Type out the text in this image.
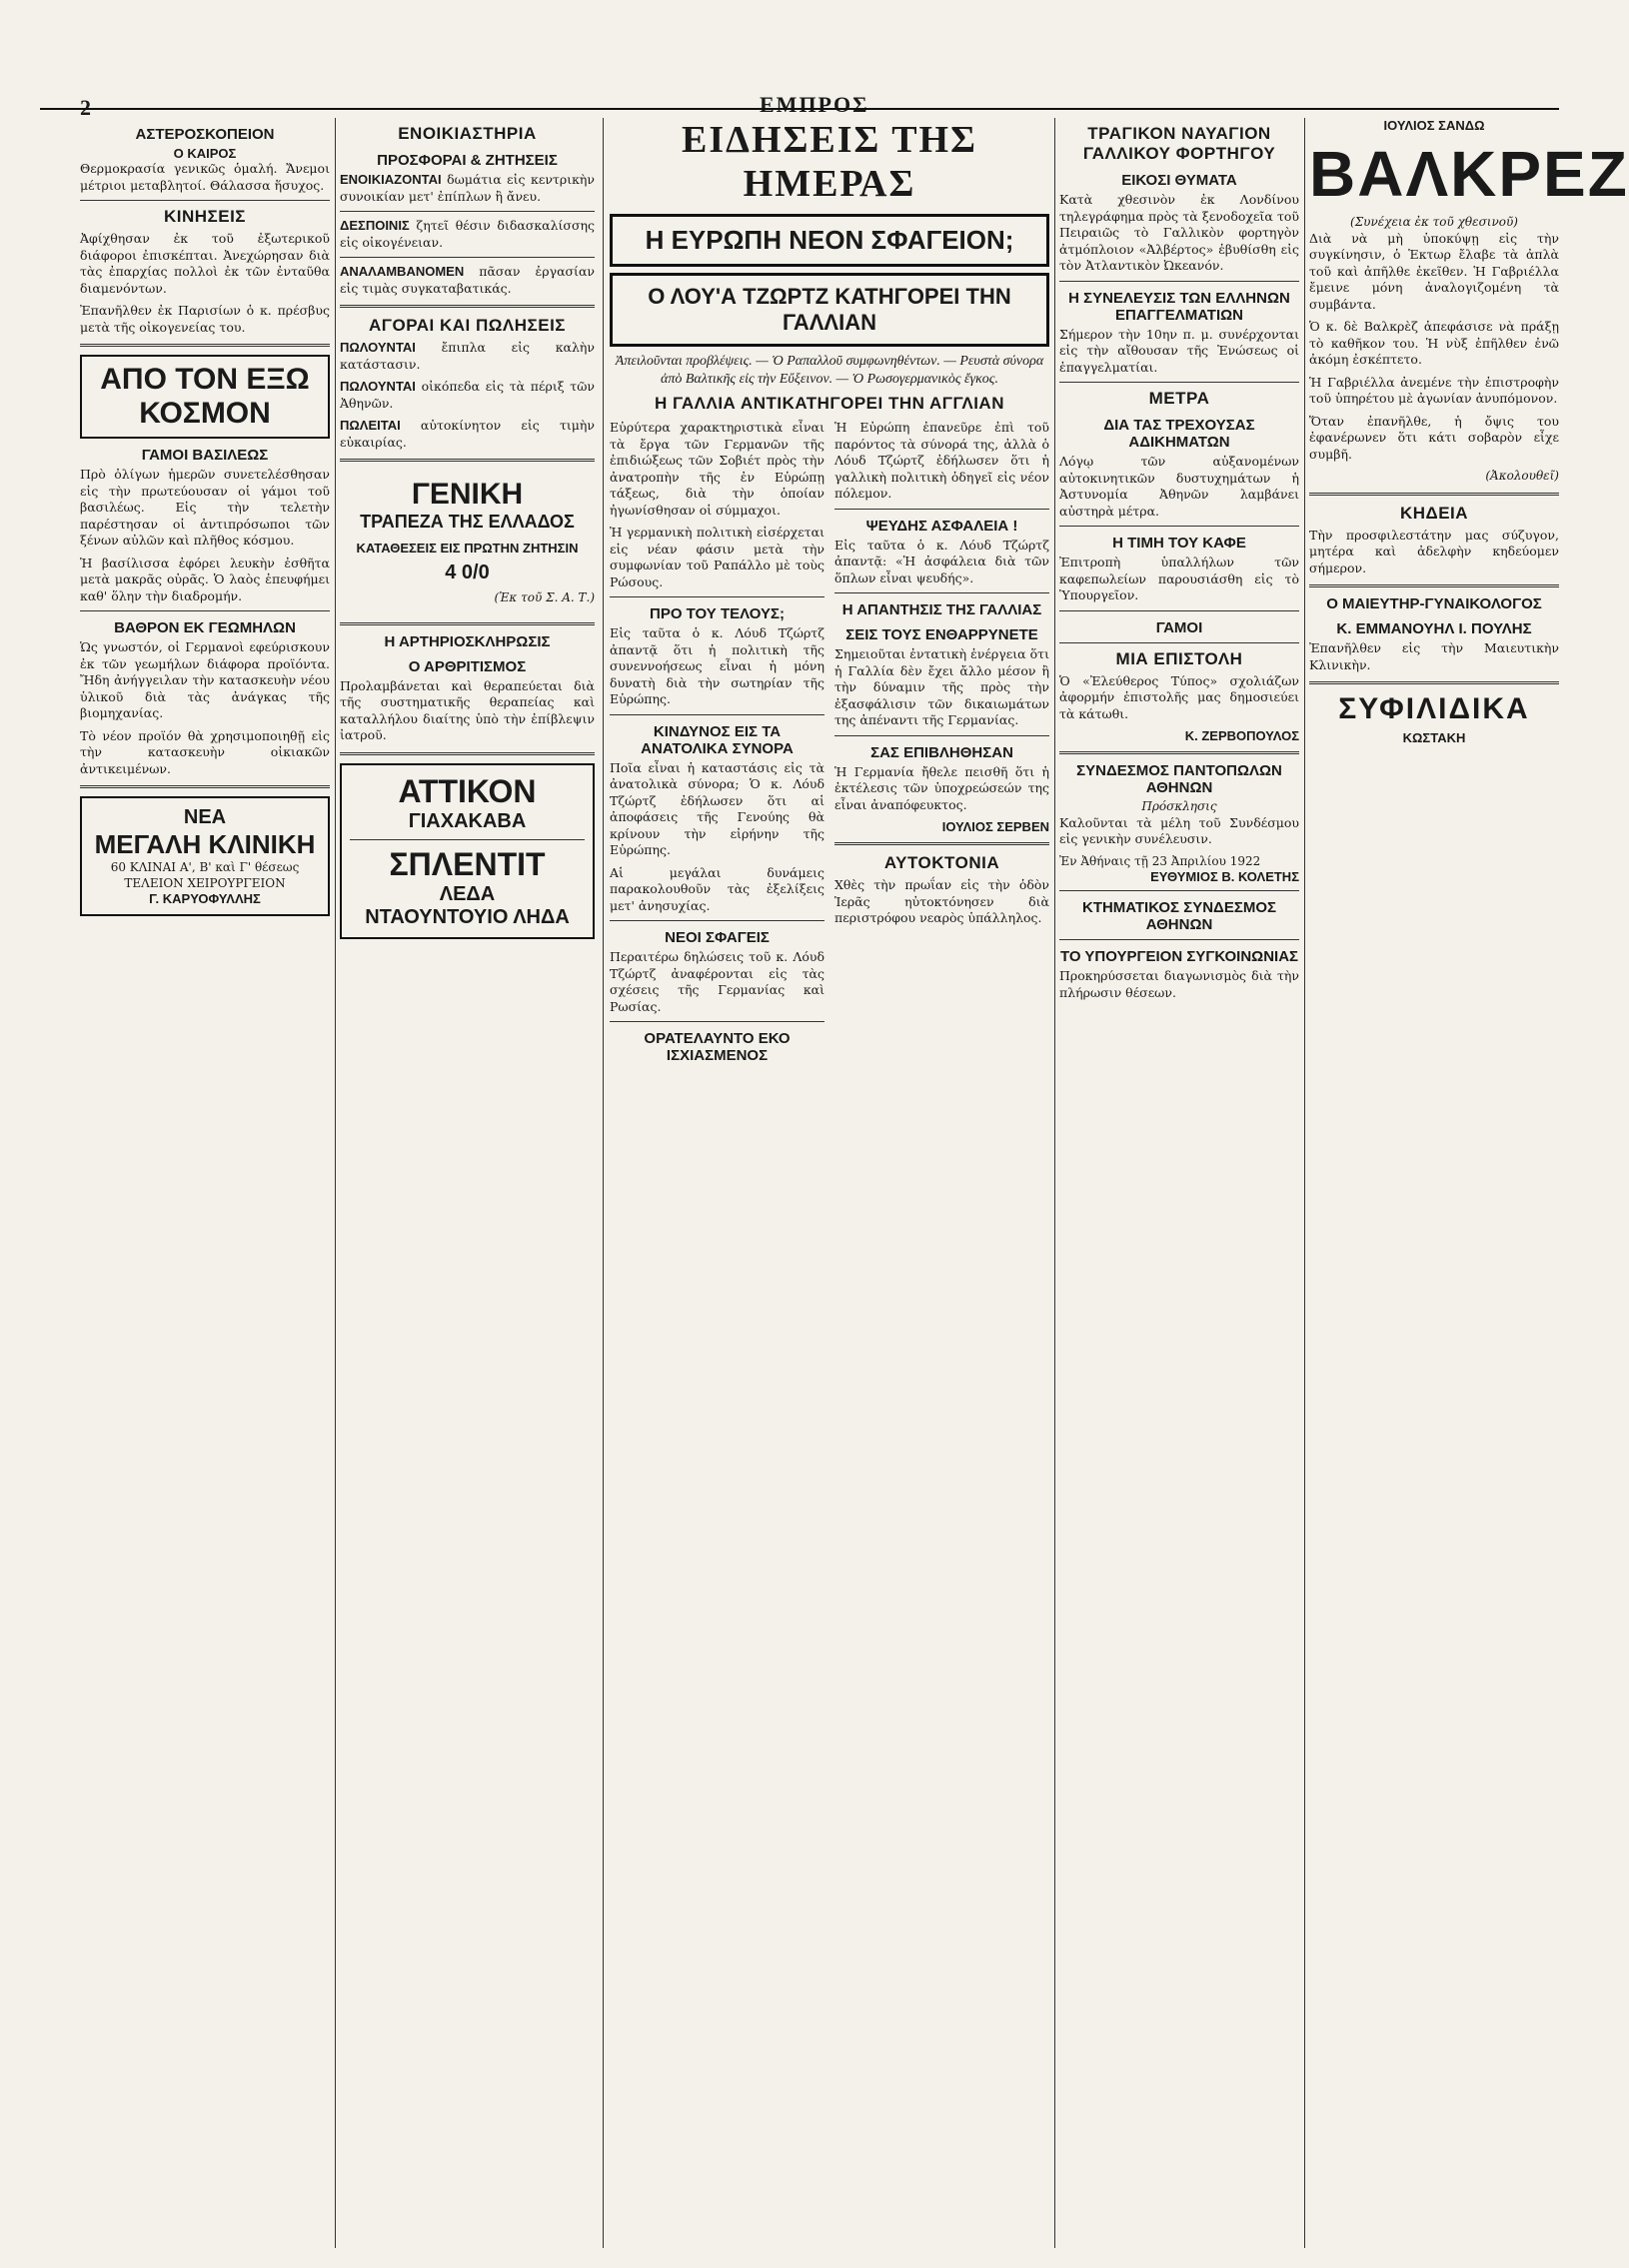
2	ΕΜΠΡΟΣ
ΑΣΤΕΡΟΣΚΟΠΕΙΟΝ
Ο ΚΑΙΡΟΣ

Θερμοκρασία γενικῶς ὁμαλή. Ἄνεμοι μέτριοι μεταβλητοί. Θάλασσα ἥσυχος.

ΚΙΝΗΣΕΙΣ

Ἀφίχθησαν ἐκ τοῦ ἐξωτερικοῦ διάφοροι ἐπισκέπται. Ἀνεχώρησαν διὰ τὰς ἐπαρχίας πολλοὶ ἐκ τῶν ἐνταῦθα διαμενόντων.

Ἐπανῆλθεν ἐκ Παρισίων ὁ κ. πρέσβυς μετὰ τῆς οἰκογενείας του.

ΑΠΟ ΤΟΝ ΕΞΩ ΚΟΣΜΟΝ
ΓΑΜΟΙ ΒΑΣΙΛΕΩΣ

Πρὸ ὀλίγων ἡμερῶν συνετελέσθησαν εἰς τὴν πρωτεύουσαν οἱ γάμοι τοῦ βασιλέως. Εἰς τὴν τελετὴν παρέστησαν οἱ ἀντιπρόσωποι τῶν ξένων αὐλῶν καὶ πλῆθος κόσμου.

Ἡ βασίλισσα ἐφόρει λευκὴν ἐσθῆτα μετὰ μακρᾶς οὐρᾶς. Ὁ λαὸς ἐπευφήμει καθ' ὅλην τὴν διαδρομήν.

ΒΑΘΡΟΝ ΕΚ ΓΕΩΜΗΛΩΝ

Ὡς γνωστόν, οἱ Γερμανοὶ εφεύρισκουν ἐκ τῶν γεωμήλων διάφορα προϊόντα. Ἤδη ἀνήγγειλαν τὴν κατασκευὴν νέου ὑλικοῦ διὰ τὰς ἀνάγκας τῆς βιομηχανίας.

Τὸ νέον προϊόν θὰ χρησιμοποιηθῇ εἰς τὴν κατασκευὴν οἰκιακῶν ἀντικειμένων.

ΝΕΑ
ΜΕΓΑΛΗ ΚΛΙΝΙΚΗ
60 ΚΛΙΝΑΙ Α', Β' καὶ Γ' θέσεως
ΤΕΛΕΙΟΝ ΧΕΙΡΟΥΡΓΕΙΟΝ
Γ. ΚΑΡΥΟΦΥΛΛΗΣ
ΕΝΟΙΚΙΑΣΤΗΡΙΑ
ΠΡΟΣΦΟΡΑΙ & ΖΗΤΗΣΕΙΣ

ΕΝΟΙΚΙΑΖΟΝΤΑΙ δωμάτια εἰς κεντρικὴν συνοικίαν μετ' ἐπίπλων ἢ ἄνευ.

ΔΕΣΠΟΙΝΙΣ ζητεῖ θέσιν διδασκαλίσσης εἰς οἰκογένειαν.

ΑΝΑΛΑΜΒΑΝΟΜΕΝ πᾶσαν ἐργασίαν εἰς τιμὰς συγκαταβατικάς.

ΑΓΟΡΑΙ ΚΑΙ ΠΩΛΗΣΕΙΣ

ΠΩΛΟΥΝΤΑΙ ἔπιπλα εἰς καλὴν κατάστασιν.

ΠΩΛΟΥΝΤΑΙ οἰκόπεδα εἰς τὰ πέριξ τῶν Ἀθηνῶν.

ΠΩΛΕΙΤΑΙ αὐτοκίνητον εἰς τιμὴν εὐκαιρίας.

ΓΕΝΙΚΗ
ΤΡΑΠΕΖΑ ΤΗΣ ΕΛΛΑΔΟΣ
ΚΑΤΑΘΕΣΕΙΣ ΕΙΣ ΠΡΩΤΗΝ ΖΗΤΗΣΙΝ
4 0/0
(Ἐκ τοῦ Σ. Α. Τ.)
Η ΑΡΤΗΡΙΟΣΚΛΗΡΩΣΙΣ
Ο ΑΡΘΡΙΤΙΣΜΟΣ

Προλαμβάνεται καὶ θεραπεύεται διὰ τῆς συστηματικῆς θεραπείας καὶ καταλλήλου διαίτης ὑπὸ τὴν ἐπίβλεψιν ἰατροῦ.

ΑΤΤΙΚΟΝ
ΓΙΑΧΑΚΑΒΑ
ΣΠΛΕΝΤΙΤ
ΛΕΔΑ
ΝΤΑΟΥΝΤΟΥΙΟ ΛΗΔΑ
ΕΙΔΗΣΕΙΣ ΤΗΣ ΗΜΕΡΑΣ
Η ΕΥΡΩΠΗ ΝΕΟΝ ΣΦΑΓΕΙΟΝ;
Ο ΛΟΥ'Α ΤΖΩΡΤΖ ΚΑΤΗΓΟΡΕΙ ΤΗΝ ΓΑΛΛΙΑΝ
Ἀπειλοῦνται προβλέψεις. — Ὁ Ραπαλλοῦ συμφωνηθέντων. — Ρευστὰ σύνορα ἀπὸ Βαλτικῆς εἰς τὴν Εὔξεινον. — Ὁ Ρωσογερμανικὸς ἔγκος.
Η ΓΑΛΛΙΑ ΑΝΤΙΚΑΤΗΓΟΡΕΙ ΤΗΝ ΑΓΓΛΙΑΝ

Εὐρύτερα χαρακτηριστικὰ εἶναι τὰ ἔργα τῶν Γερμανῶν τῆς ἐπιδιώξεως τῶν Σοβιέτ πρὸς τὴν ἀνατροπὴν τῆς ἐν Εὐρώπῃ τάξεως, διὰ τὴν ὁποίαν ἠγωνίσθησαν οἱ σύμμαχοι.

Ἡ γερμανικὴ πολιτικὴ εἰσέρχεται εἰς νέαν φάσιν μετὰ τὴν συμφωνίαν τοῦ Ραπάλλο μὲ τοὺς Ρώσους.

ΠΡΟ ΤΟΥ ΤΕΛΟΥΣ;

Εἰς ταῦτα ὁ κ. Λόυδ Τζώρτζ ἀπαντᾷ ὅτι ἡ πολιτικὴ τῆς συνεννοήσεως εἶναι ἡ μόνη δυνατὴ διὰ τὴν σωτηρίαν τῆς Εὐρώπης.

ΚΙΝΔΥΝΟΣ ΕΙΣ ΤΑ ΑΝΑΤΟΛΙΚΑ ΣΥΝΟΡΑ

Ποῖα εἶναι ἡ καταστάσις εἰς τὰ ἀνατολικὰ σύνορα; Ὁ κ. Λόυδ Τζώρτζ ἐδήλωσεν ὅτι αἱ ἀποφάσεις τῆς Γενούης θὰ κρίνουν τὴν εἰρήνην τῆς Εὐρώπης.

Αἱ μεγάλαι δυνάμεις παρακολουθοῦν τὰς ἐξελίξεις μετ' ἀνησυχίας.

ΝΕΟΙ ΣΦΑΓΕΙΣ

Περαιτέρω δηλώσεις τοῦ κ. Λόυδ Τζώρτζ ἀναφέρονται εἰς τὰς σχέσεις τῆς Γερμανίας καὶ Ρωσίας.

ΟΡΑΤΕΛΑΥΝΤΟ ΕΚΟ ΙΣΧΙΑΣΜΕΝΟΣ

Ἡ Εὐρώπη ἐπανεῦρε ἐπὶ τοῦ παρόντος τὰ σύνορά της, ἀλλὰ ὁ Λόυδ Τζώρτζ ἐδήλωσεν ὅτι ἡ γαλλικὴ πολιτικὴ ὁδηγεῖ εἰς νέον πόλεμον.

ΨΕΥΔΗΣ ΑΣΦΑΛΕΙΑ !

Εἰς ταῦτα ὁ κ. Λόυδ Τζώρτζ ἀπαντᾷ: «Ἡ ἀσφάλεια διὰ τῶν ὅπλων εἶναι ψευδής».

Η ΑΠΑΝΤΗΣΙΣ ΤΗΣ ΓΑΛΛΙΑΣ
ΣΕΙΣ ΤΟΥΣ ΕΝΘΑΡΡΥΝΕΤΕ

Σημειοῦται ἐντατικὴ ἐνέργεια ὅτι ἡ Γαλλία δὲν ἔχει ἄλλο μέσον ἢ τὴν δύναμιν τῆς πρὸς τὴν ἐξασφάλισιν τῶν δικαιωμάτων της ἀπέναντι τῆς Γερμανίας.

ΣΑΣ ΕΠΙΒΛΗΘΗΣΑΝ

Ἡ Γερμανία ἤθελε πεισθῆ ὅτι ἡ ἐκτέλεσις τῶν ὑποχρεώσεών της εἶναι ἀναπόφευκτος.

ΙΟΥΛΙΟΣ ΣΕΡΒΕΝ
ΑΥΤΟΚΤΟΝΙΑ

Χθὲς τὴν πρωΐαν εἰς τὴν ὁδὸν Ἱερᾶς ηὐτοκτόνησεν διὰ περιστρόφου νεαρὸς ὑπάλληλος.

ΤΡΑΓΙΚΟΝ ΝΑΥΑΓΙΟΝ ΓΑΛΛΙΚΟΥ ΦΟΡΤΗΓΟΥ
ΕΙΚΟΣΙ ΘΥΜΑΤΑ

Κατὰ χθεσινὸν ἐκ Λονδίνου τηλεγράφημα πρὸς τὰ ξενοδοχεῖα τοῦ Πειραιῶς τὸ Γαλλικὸν φορτηγὸν ἀτμόπλοιον «Ἀλβέρτος» ἐβυθίσθη εἰς τὸν Ἀτλαντικὸν Ὠκεανόν.

Η ΣΥΝΕΛΕΥΣΙΣ ΤΩΝ ΕΛΛΗΝΩΝ ΕΠΑΓΓΕΛΜΑΤΙΩΝ

Σήμερον τὴν 10ην π. μ. συνέρχονται εἰς τὴν αἴθουσαν τῆς Ἑνώσεως οἱ ἐπαγγελματίαι.

ΜΕΤΡΑ
ΔΙΑ ΤΑΣ ΤΡΕΧΟΥΣΑΣ ΑΔΙΚΗΜΑΤΩΝ

Λόγῳ τῶν αὐξανομένων αὐτοκινητικῶν δυστυχημάτων ἡ Ἀστυνομία Ἀθηνῶν λαμβάνει αὐστηρὰ μέτρα.

Η ΤΙΜΗ ΤΟΥ ΚΑΦΕ

Ἐπιτροπὴ ὑπαλλήλων τῶν καφεπωλείων παρουσιάσθη εἰς τὸ Ὑπουργεῖον.

ΓΑΜΟΙ
ΜΙΑ ΕΠΙΣΤΟΛΗ

Ὁ «Ἐλεύθερος Τύπος» σχολιάζων ἀφορμήν ἐπιστολῆς μας δημοσιεύει τὰ κάτωθι.

Κ. ΖΕΡΒΟΠΟΥΛΟΣ
ΣΥΝΔΕΣΜΟΣ ΠΑΝΤΟΠΩΛΩΝ ΑΘΗΝΩΝ
Πρόσκλησις

Καλοῦνται τὰ μέλη τοῦ Συνδέσμου εἰς γενικὴν συνέλευσιν.

Ἐν Ἀθήναις τῇ 23 Ἀπριλίου 1922
ΕΥΘΥΜΙΟΣ Β. ΚΟΛΕΤΗΣ
ΚΤΗΜΑΤΙΚΟΣ ΣΥΝΔΕΣΜΟΣ ΑΘΗΝΩΝ
ΤΟ ΥΠΟΥΡΓΕΙΟΝ ΣΥΓΚΟΙΝΩΝΙΑΣ

Προκηρύσσεται διαγωνισμὸς διὰ τὴν πλήρωσιν θέσεων.

ΙΟΥΛΙΟΣ ΣΑΝΔΩ
ΒΑΛΚΡΕΖ
(Συνέχεια ἐκ τοῦ χθεσινοῦ)

Διὰ νὰ μὴ ὑποκύψῃ εἰς τὴν συγκίνησιν, ὁ Ἑκτωρ ἔλαβε τὰ ἀπλὰ τοῦ καὶ ἀπῆλθε ἐκεῖθεν. Ἡ Γαβριέλλα ἔμεινε μόνη ἀναλογιζομένη τὰ συμβάντα.

Ὁ κ. δὲ Βαλκρὲζ ἀπεφάσισε νὰ πράξῃ τὸ καθῆκον του. Ἡ νὺξ ἐπῆλθεν ἐνῶ ἀκόμη ἐσκέπτετο.

Ἡ Γαβριέλλα ἀνεμένε τὴν ἐπιστροφὴν τοῦ ὑπηρέτου μὲ ἀγωνίαν ἀνυπόμονον.

Ὅταν ἐπανῆλθε, ἡ ὄψις του ἐφανέρωνεν ὅτι κάτι σοβαρὸν εἶχε συμβῆ.

(Ἀκολουθεῖ)
ΚΗΔΕΙΑ

Τὴν προσφιλεστάτην μας σύζυγον, μητέρα καὶ ἀδελφὴν κηδεύομεν σήμερον.

Ο ΜΑΙΕΥΤΗΡ-ΓΥΝΑΙΚΟΛΟΓΟΣ
Κ. ΕΜΜΑΝΟΥΗΛ Ι. ΠΟΥΛΗΣ

Ἐπανῆλθεν εἰς τὴν Μαιευτικὴν Κλινικὴν.

ΣΥΦΙΛΙΔΙΚΑ
ΚΩΣΤΑΚΗ
